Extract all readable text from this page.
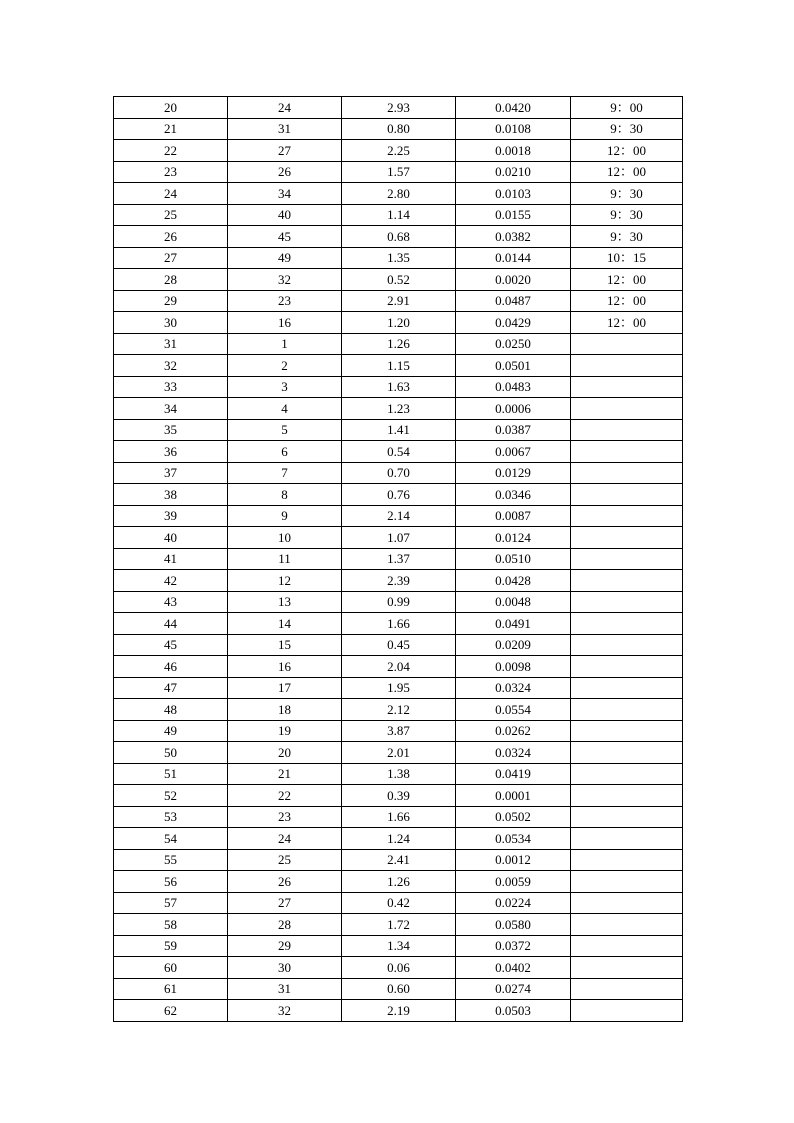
20	24	2.93	0.0420	9：00
21	31	0.80	0.0108	9：30
22	27	2.25	0.0018	12：00
23	26	1.57	0.0210	12：00
24	34	2.80	0.0103	9：30
25	40	1.14	0.0155	9：30
26	45	0.68	0.0382	9：30
27	49	1.35	0.0144	10：15
28	32	0.52	0.0020	12：00
29	23	2.91	0.0487	12：00
30	16	1.20	0.0429	12：00
31	1	1.26	0.0250	
32	2	1.15	0.0501	
33	3	1.63	0.0483	
34	4	1.23	0.0006	
35	5	1.41	0.0387	
36	6	0.54	0.0067	
37	7	0.70	0.0129	
38	8	0.76	0.0346	
39	9	2.14	0.0087	
40	10	1.07	0.0124	
41	11	1.37	0.0510	
42	12	2.39	0.0428	
43	13	0.99	0.0048	
44	14	1.66	0.0491	
45	15	0.45	0.0209	
46	16	2.04	0.0098	
47	17	1.95	0.0324	
48	18	2.12	0.0554	
49	19	3.87	0.0262	
50	20	2.01	0.0324	
51	21	1.38	0.0419	
52	22	0.39	0.0001	
53	23	1.66	0.0502	
54	24	1.24	0.0534	
55	25	2.41	0.0012	
56	26	1.26	0.0059	
57	27	0.42	0.0224	
58	28	1.72	0.0580	
59	29	1.34	0.0372	
60	30	0.06	0.0402	
61	31	0.60	0.0274	
62	32	2.19	0.0503	
